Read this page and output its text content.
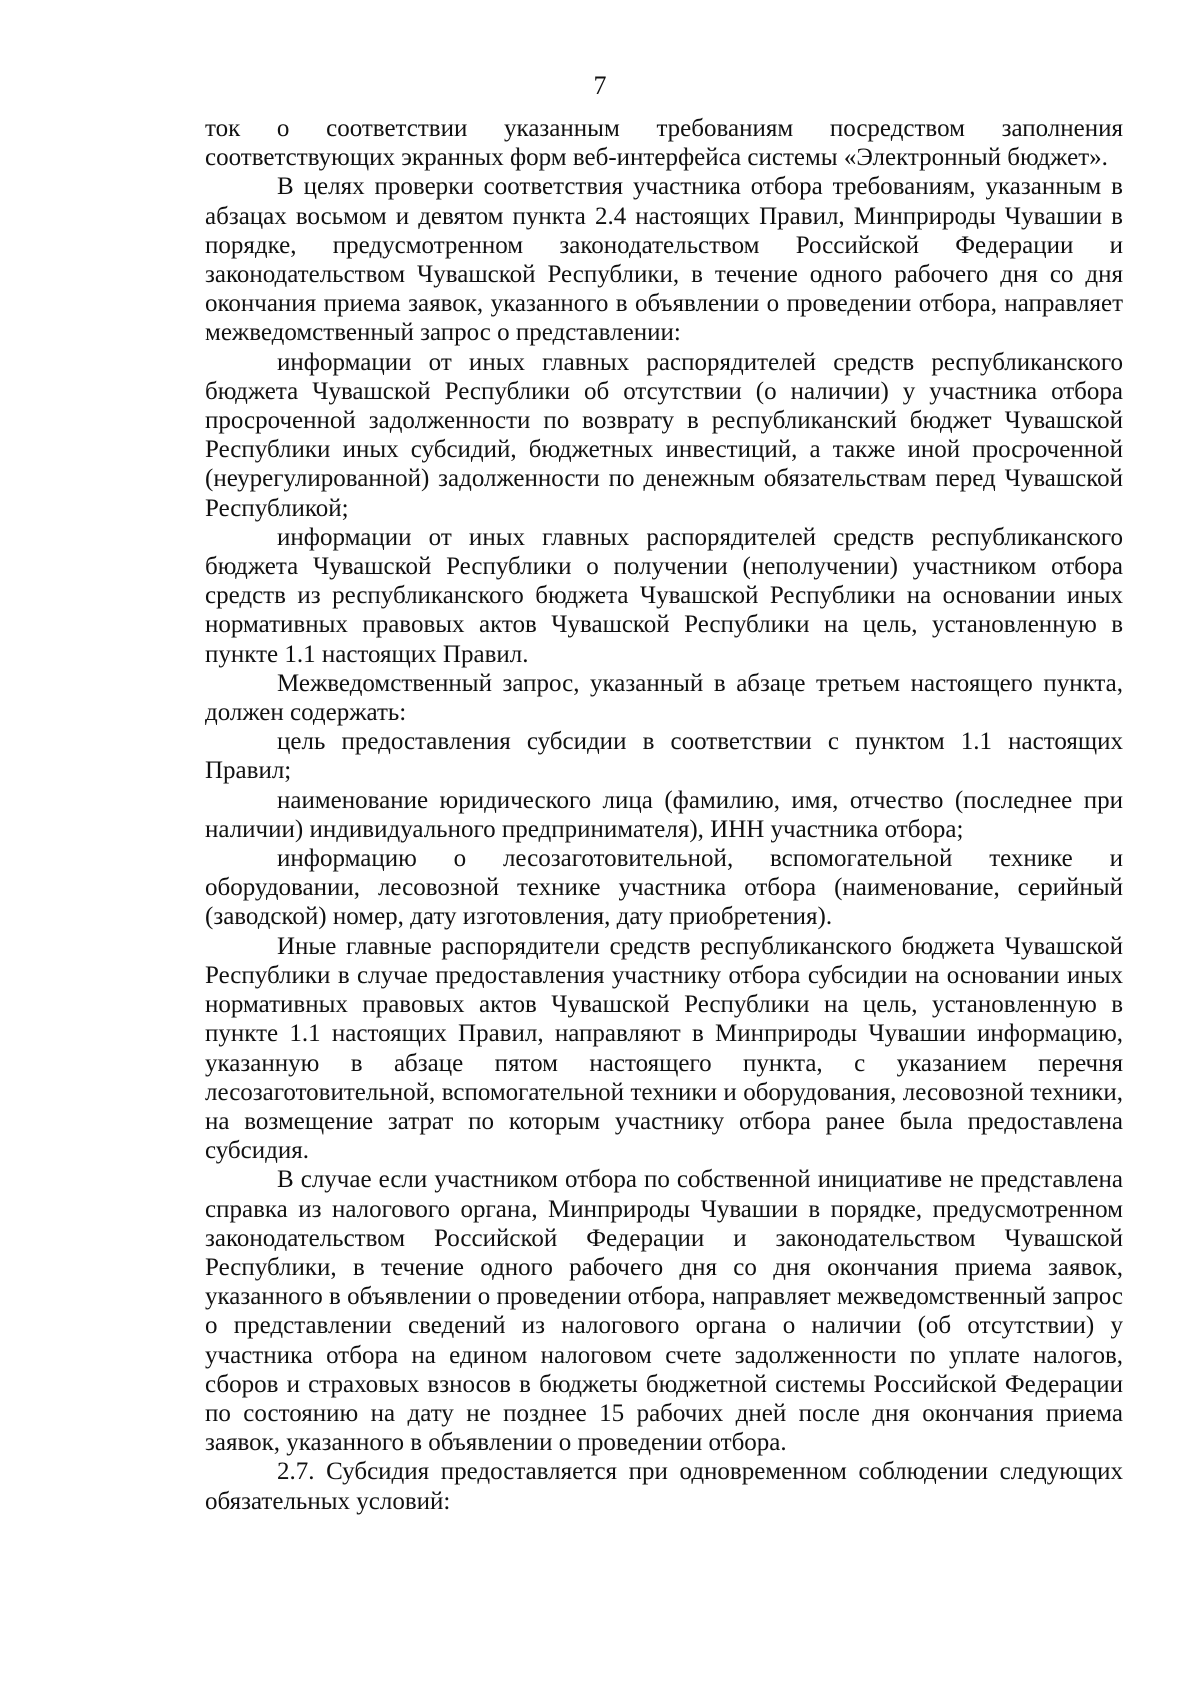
7

ток о соответствии указанным требованиям посредством заполнения соответствующих экранных форм веб-интерфейса системы «Электронный бюджет».

В целях проверки соответствия участника отбора требованиям, указанным в абзацах восьмом и девятом пункта 2.4 настоящих Правил, Минприроды Чувашии в порядке, предусмотренном законодательством Российской Федерации и законодательством Чувашской Республики, в течение одного рабочего дня со дня окончания приема заявок, указанного в объявлении о проведении отбора, направляет межведомственный запрос о представлении:

информации от иных главных распорядителей средств республиканского бюджета Чувашской Республики об отсутствии (о наличии) у участника отбора просроченной задолженности по возврату в республиканский бюджет Чувашской Республики иных субсидий, бюджетных инвестиций, а также иной просроченной (неурегулированной) задолженности по денежным обязательствам перед Чувашской Республикой;

информации от иных главных распорядителей средств республиканского бюджета Чувашской Республики о получении (неполучении) участником отбора средств из республиканского бюджета Чувашской Республики на основании иных нормативных правовых актов Чувашской Республики на цель, установленную в пункте 1.1 настоящих Правил.

Межведомственный запрос, указанный в абзаце третьем настоящего пункта, должен содержать:

цель предоставления субсидии в соответствии с пунктом 1.1 настоящих Правил;

наименование юридического лица (фамилию, имя, отчество (последнее при наличии) индивидуального предпринимателя), ИНН участника отбора;

информацию о лесозаготовительной, вспомогательной технике и оборудовании, лесовозной технике участника отбора (наименование, серийный (заводской) номер, дату изготовления, дату приобретения).

Иные главные распорядители средств республиканского бюджета Чувашской Республики в случае предоставления участнику отбора субсидии на основании иных нормативных правовых актов Чувашской Республики на цель, установленную в пункте 1.1 настоящих Правил, направляют в Минприроды Чувашии информацию, указанную в абзаце пятом настоящего пункта, с указанием перечня лесозаготовительной, вспомогательной техники и оборудования, лесовозной техники, на возмещение затрат по которым участнику отбора ранее была предоставлена субсидия.

В случае если участником отбора по собственной инициативе не представлена справка из налогового органа, Минприроды Чувашии в порядке, предусмотренном законодательством Российской Федерации и законодательством Чувашской Республики, в течение одного рабочего дня со дня окончания приема заявок, указанного в объявлении о проведении отбора, направляет межведомственный запрос о представлении сведений из налогового органа о наличии (об отсутствии) у участника отбора на едином налоговом счете задолженности по уплате налогов, сборов и страховых взносов в бюджеты бюджетной системы Российской Федерации по состоянию на дату не позднее 15 рабочих дней после дня окончания приема заявок, указанного в объявлении о проведении отбора.

2.7. Субсидия предоставляется при одновременном соблюдении следующих обязательных условий:
